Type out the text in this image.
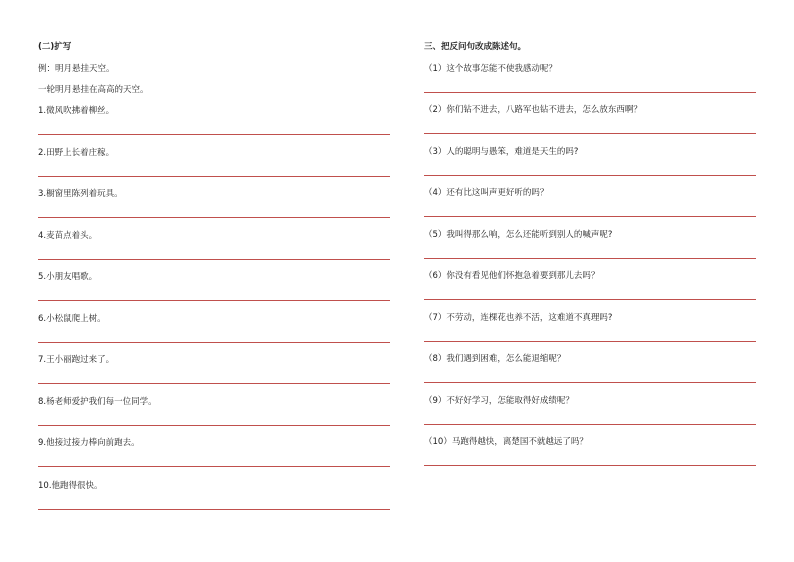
(二)扩写
例：明月悬挂天空。
一轮明月悬挂在高高的天空。
1.微风吹拂着柳丝。
2.田野上长着庄稼。
3.橱窗里陈列着玩具。
4.麦苗点着头。
5.小朋友唱歌。
6.小松鼠爬上树。
7.王小丽跑过来了。
8.杨老师爱护我们每一位同学。
9.他接过接力棒向前跑去。
10.他跑得很快。
三、把反问句改成陈述句。
（1）这个故事怎能不使我感动呢？
（2）你们钻不进去，八路军也钻不进去，怎么放东西啊？
（3）人的聪明与愚笨，难道是天生的吗?
（4）还有比这叫声更好听的吗？
（5）我叫得那么响，怎么还能听到别人的喊声呢?
（6）你没有看见他们怀抱急着要到那儿去吗？
（7）不劳动，连棵花也养不活，这难道不真理吗?
（8）我们遇到困难，怎么能退缩呢？
（9）不好好学习，怎能取得好成绩呢？
（10）马跑得越快，离楚国不就越远了吗？
